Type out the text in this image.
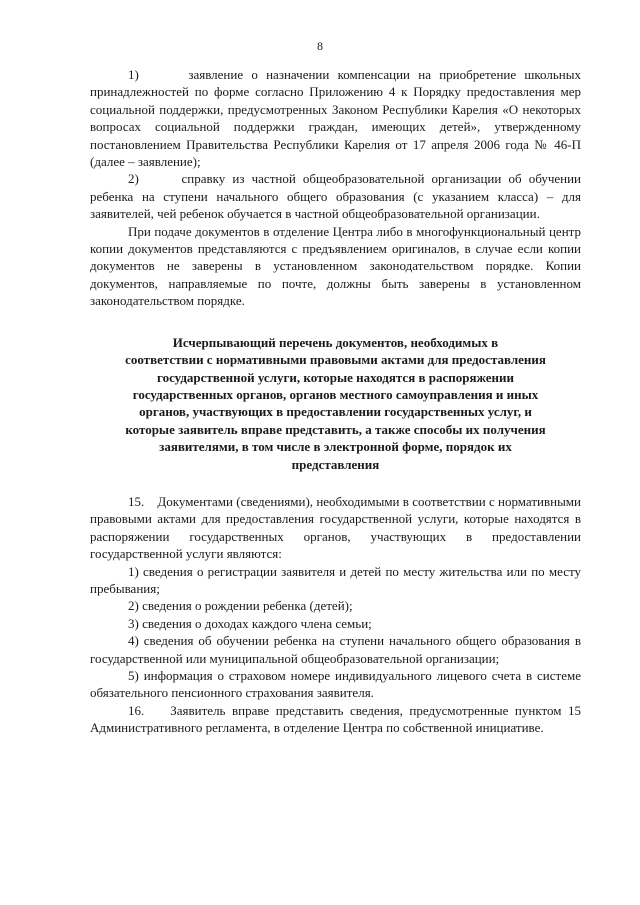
8

1)      заявление о назначении компенсации на приобретение школьных принадлежностей по форме согласно Приложению 4 к Порядку предоставления мер социальной поддержки, предусмотренных Законом Республики Карелия «О некоторых вопросах социальной поддержки граждан, имеющих детей», утвержденному постановлением Правительства Республики Карелия от 17 апреля 2006 года № 46-П (далее – заявление);

2)      справку из частной общеобразовательной организации об обучении ребенка на ступени начального общего образования (с указанием класса) – для заявителей, чей ребенок обучается в частной общеобразовательной организации.

При подаче документов в отделение Центра либо в многофункциональный центр копии документов представляются с предъявлением оригиналов, в случае если копии документов не заверены в установленном законодательством порядке. Копии документов, направляемые по почте, должны быть заверены в установленном законодательством порядке.

Исчерпывающий перечень документов, необходимых в
соответствии с нормативными правовыми актами для предоставления
государственной услуги, которые находятся в распоряжении
государственных органов, органов местного самоуправления и иных
органов, участвующих в предоставлении государственных услуг, и
которые заявитель вправе представить, а также способы их получения
заявителями, в том числе в электронной форме, порядок их
представления

15.    Документами (сведениями), необходимыми в соответствии с нормативными правовыми актами для предоставления государственной услуги, которые находятся в распоряжении государственных органов, участвующих в предоставлении государственной услуги являются:

1) сведения о регистрации заявителя и детей по месту жительства или по месту пребывания;

2) сведения о рождении ребенка (детей);

3) сведения о доходах каждого члена семьи;

4) сведения об обучении ребенка на ступени начального общего образования в государственной или муниципальной общеобразовательной организации;

5) информация о страховом номере индивидуального лицевого счета в системе обязательного пенсионного страхования заявителя.

16.    Заявитель вправе представить сведения, предусмотренные пунктом 15 Административного регламента, в отделение Центра по собственной инициативе.
